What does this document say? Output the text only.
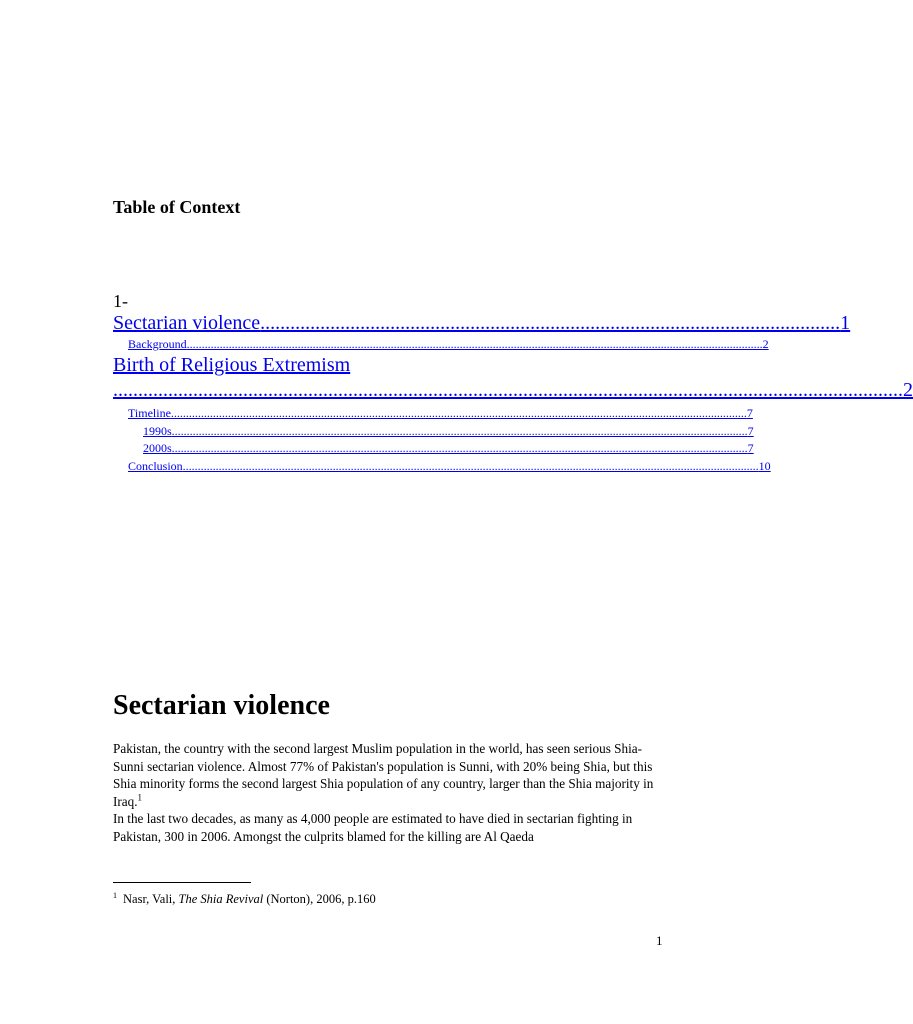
Table of Context
1-
Sectarian violence .................................................................................................................... 1
Background ................................................................................................................................................................................................ 2
Birth of Religious Extremism
.............................................................................................................................................................. 2
Timeline ................................................................................................................................................................................................ 7
1990s ................................................................................................................................................................................................ 7
2000s ................................................................................................................................................................................................ 7
Conclusion ................................................................................................................................................................................................ 10
Sectarian violence

Pakistan, the country with the second largest Muslim population in the world, has seen serious Shia-Sunni sectarian violence. Almost 77% of Pakistan's population is Sunni, with 20% being Shia, but this Shia minority forms the second largest Shia population of any country, larger than the Shia majority in Iraq.$^1$

In the last two decades, as many as 4,000 people are estimated to have died in sectarian fighting in Pakistan, 300 in 2006. Amongst the culprits blamed for the killing are Al Qaeda

$^1$ Nasr, Vali, The Shia Revival (Norton), 2006, p.160
1
